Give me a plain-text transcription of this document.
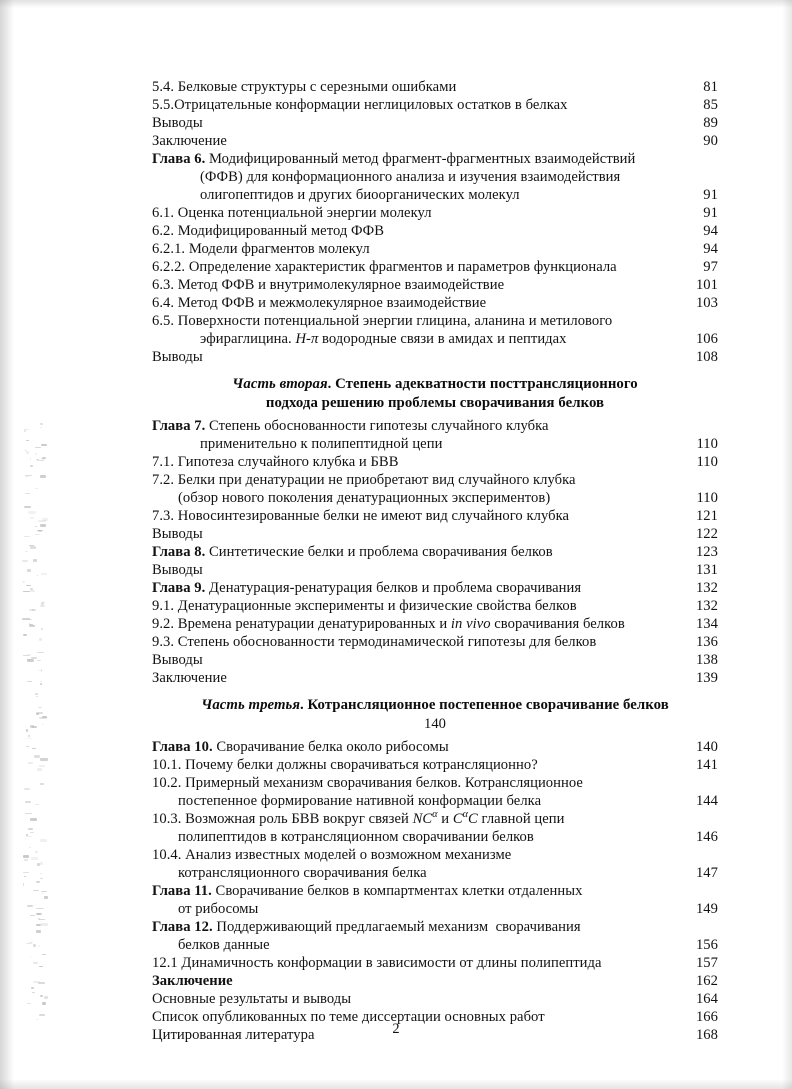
5.4. Белковые структуры с серезными ошибками	81
5.5.Отрицательные конформации неглициловых остатков в белках	85
Выводы	89
Заключение	90
Глава 6. Модифицированный метод фрагмент-фрагментных взаимодействий
(ФФВ) для конформационного анализа и изучения взаимодействия
олигопептидов и других биоорганических молекул	91
6.1. Оценка потенциальной энергии молекул	91
6.2. Модифицированный метод ФФВ	94
6.2.1. Модели фрагментов молекул	94
6.2.2. Определение характеристик фрагментов и параметров функционала	97
6.3. Метод ФФВ и внутримолекулярное взаимодействие	101
6.4. Метод ФФВ и межмолекулярное взаимодействие	103
6.5. Поверхности потенциальной энергии глицина, аланина и метилового
эфираглицина. Н-π водородные связи в амидах и пептидах	106
Выводы	108
Часть вторая. Степень адекватности посттрансляционного
подхода решению проблемы сворачивания белков
Глава 7. Степень обоснованности гипотезы случайного клубка
применительно к полипептидной цепи	110
7.1. Гипотеза случайного клубка и БВВ	110
7.2. Белки при денатурации не приобретают вид случайного клубка
(обзор нового поколения денатурационных экспериментов)	110
7.3. Новосинтезированные белки не имеют вид случайного клубка	121
Выводы	122
Глава 8. Синтетические белки и проблема сворачивания белков	123
Выводы	131
Глава 9. Денатурация-ренатурация белков и проблема сворачивания	132
9.1. Денатурационные эксперименты и физические свойства белков	132
9.2. Времена ренатурации денатурированных и in vivo сворачивания белков	134
9.3. Степень обоснованности термодинамической гипотезы для белков	136
Выводы	138
Заключение	139
Часть третья. Котрансляционное постепенное сворачивание белков
140
Глава 10. Сворачивание белка около рибосомы	140
10.1. Почему белки должны сворачиваться котрансляционно?	141
10.2. Примерный механизм сворачивания белков. Котрансляционное
постепенное формирование нативной конформации белка	144
10.3. Возможная роль БВВ вокруг связей $NC^\alpha$ и $C^\alpha C$ главной цепи
полипептидов в котрансляционном сворачивании белков	146
10.4. Анализ известных моделей о возможном механизме
котрансляционного сворачивания белка	147
Глава 11. Сворачивание белков в компартментах клетки отдаленных
от рибосомы	149
Глава 12. Поддерживающий предлагаемый механизм  сворачивания
белков данные	156
12.1 Динамичность конформации в зависимости от длины полипептида	157
Заключение	162
Основные результаты и выводы	164
Список опубликованных по теме диссертации основных работ	166
Цитированная литература	168
2
